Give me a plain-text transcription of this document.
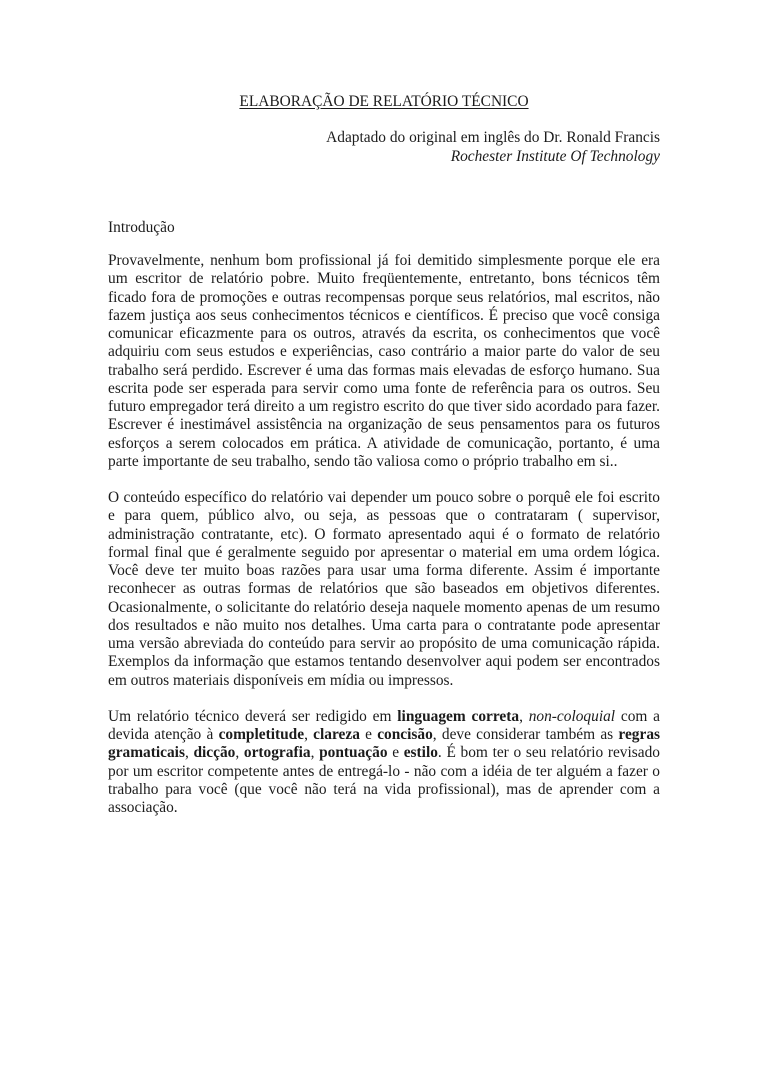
ELABORAÇÃO DE RELATÓRIO TÉCNICO

Adaptado do original em inglês do Dr. Ronald Francis

Rochester Institute Of Technology

Introdução

Provavelmente, nenhum bom profissional já foi demitido simplesmente porque ele era um escritor de relatório pobre. Muito freqüentemente, entretanto, bons técnicos têm ficado fora de promoções e outras recompensas porque seus relatórios, mal escritos, não fazem justiça aos seus conhecimentos técnicos e científicos. É preciso que você consiga comunicar eficazmente para os outros, através da escrita, os conhecimentos que você adquiriu com seus estudos e experiências, caso contrário a maior parte do valor de seu trabalho será perdido. Escrever é uma das formas mais elevadas de esforço humano. Sua escrita pode ser esperada para servir como uma fonte de referência para os outros. Seu futuro empregador terá direito a um registro escrito do que tiver sido acordado para fazer. Escrever é inestimável assistência na organização de seus pensamentos para os futuros esforços a serem colocados em prática. A atividade de comunicação, portanto, é uma parte importante de seu trabalho, sendo tão valiosa como o próprio trabalho em si..

O conteúdo específico do relatório vai depender um pouco sobre o porquê ele foi escrito e para quem, público alvo, ou seja, as pessoas que o contrataram ( supervisor, administração contratante, etc). O formato apresentado aqui é o formato de relatório formal final que é geralmente seguido por apresentar o material em uma ordem lógica. Você deve ter muito boas razões para usar uma forma diferente. Assim é importante reconhecer as outras formas de relatórios que são baseados em objetivos diferentes. Ocasionalmente, o solicitante do relatório deseja naquele momento apenas de um resumo dos resultados e não muito nos detalhes. Uma carta para o contratante pode apresentar uma versão abreviada do conteúdo para servir ao propósito de uma comunicação rápida. Exemplos da informação que estamos tentando desenvolver aqui podem ser encontrados em outros materiais disponíveis em mídia ou impressos.

Um relatório técnico deverá ser redigido em linguagem correta, non-coloquial com a devida atenção à completitude, clareza e concisão, deve considerar também as regras gramaticais, dicção, ortografia, pontuação e estilo. É bom ter o seu relatório revisado por um escritor competente antes de entregá-lo - não com a idéia de ter alguém a fazer o trabalho para você (que você não terá na vida profissional), mas de aprender com a associação.
